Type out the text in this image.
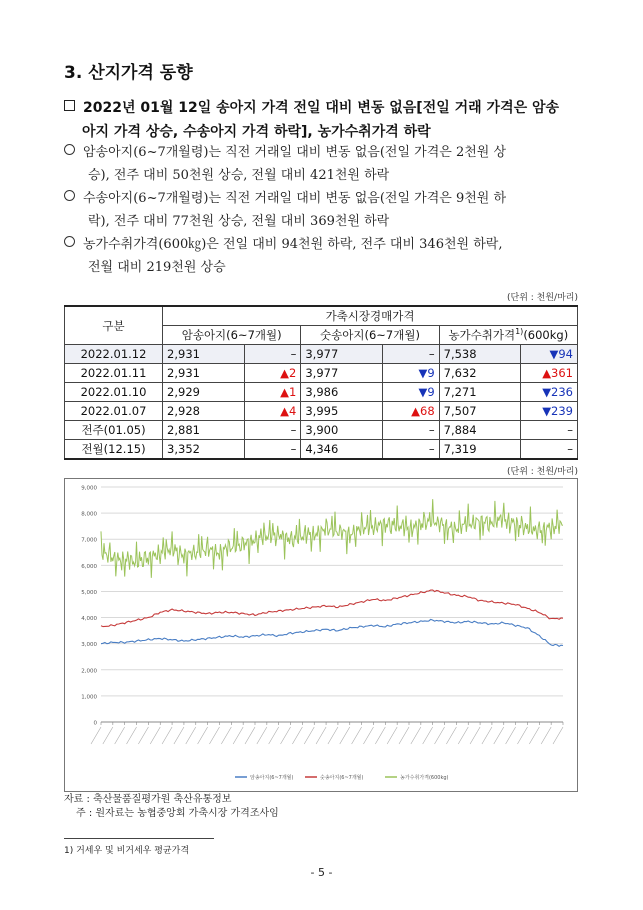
3. 산지가격 동향
2022년 01월 12일 송아지 가격 전일 대비 변동 없음[전일 거래 가격은 암송
아지 가격 상승, 수송아지 가격 하락], 농가수취가격 하락
암송아지(6~7개월령)는 직전 거래일 대비 변동 없음(전일 가격은 2천원 상
승), 전주 대비 50천원 상승, 전월 대비 421천원 하락
수송아지(6~7개월령)는 직전 거래일 대비 변동 없음(전일 가격은 9천원 하
락), 전주 대비 77천원 상승, 전월 대비 369천원 하락
농가수취가격(600㎏)은 전일 대비 94천원 하락, 전주 대비 346천원 하락,
전월 대비 219천원 상승
(단위 : 천원/마리)
구분	가축시장경매가격					
	암송아지(6~7개월)		숫송아지(6~7개월)		농가수취가격$^{1)}$(600kg)	
2022.01.12	2,931	–	3,977	–	7,538	▼94
2022.01.11	2,931	▲2	3,977	▼9	7,632	▲361
2022.01.10	2,929	▲1	3,986	▼9	7,271	▼236
2022.01.07	2,928	▲4	3,995	▲68	7,507	▼239
전주(01.05)	2,881	–	3,900	–	7,884	–
전월(12.15)	3,352	–	4,346	–	7,319	–
(단위 : 천원/마리)
0
1,000
2,000
3,000
4,000
5,000
6,000
7,000
8,000
9,000
암송아지(6~7개월)	숫송아지(6~7개월)	농가수취가격(600kg)
자료 : 축산물품질평가원 축산유통정보
주 : 원자료는 농협중앙회 가축시장 가격조사임
1) 거세우 및 비거세우 평균가격
- 5 -
